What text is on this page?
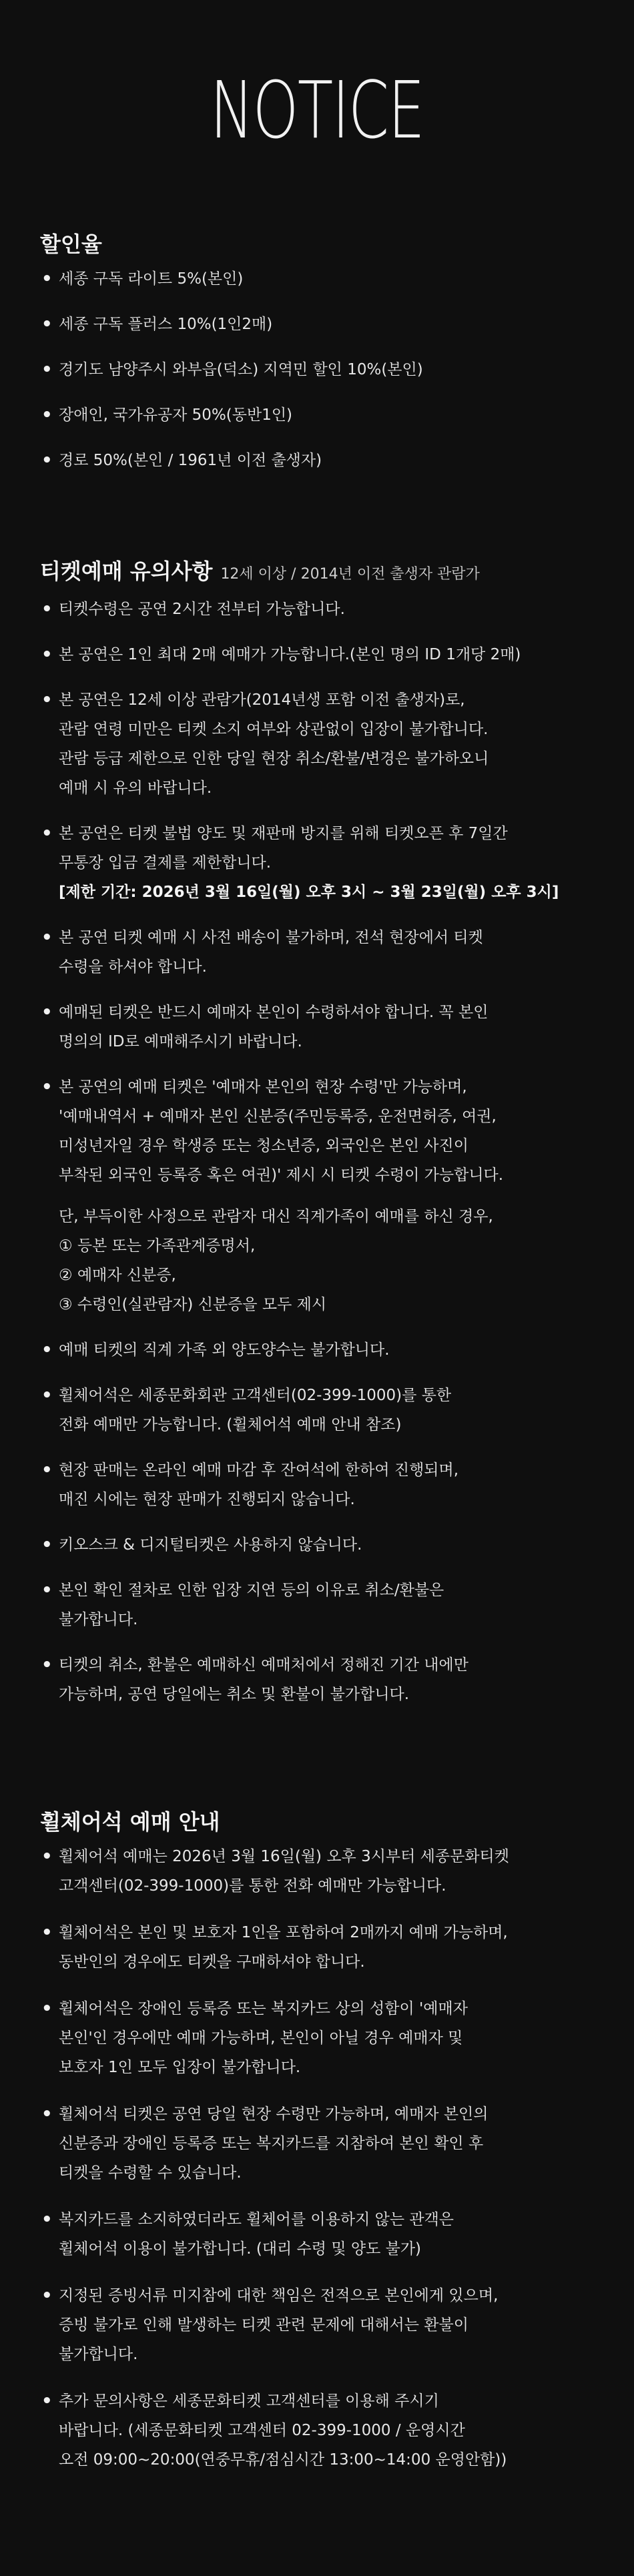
NOTICE
할인율
• 세종 구독 라이트 5%(본인)
• 세종 구독 플러스 10%(1인2매)
• 경기도 남양주시 와부읍(덕소) 지역민 할인 10%(본인)
• 장애인, 국가유공자 50%(동반1인)
• 경로 50%(본인 / 1961년 이전 출생자)
티켓예매 유의사항 12세 이상 / 2014년 이전 출생자 관람가
• 티켓수령은 공연 2시간 전부터 가능합니다.
• 본 공연은 1인 최대 2매 예매가 가능합니다.(본인 명의 ID 1개당 2매)
• 본 공연은 12세 이상 관람가(2014년생 포함 이전 출생자)로,
관람 연령 미만은 티켓 소지 여부와 상관없이 입장이 불가합니다.
관람 등급 제한으로 인한 당일 현장 취소/환불/변경은 불가하오니
예매 시 유의 바랍니다.
• 본 공연은 티켓 불법 양도 및 재판매 방지를 위해 티켓오픈 후 7일간
무통장 입금 결제를 제한합니다.
[제한 기간: 2026년 3월 16일(월) 오후 3시 ~ 3월 23일(월) 오후 3시]
• 본 공연 티켓 예매 시 사전 배송이 불가하며, 전석 현장에서 티켓
수령을 하셔야 합니다.
• 예매된 티켓은 반드시 예매자 본인이 수령하셔야 합니다. 꼭 본인
명의의 ID로 예매해주시기 바랍니다.
• 본 공연의 예매 티켓은 '예매자 본인의 현장 수령'만 가능하며,
'예매내역서 + 예매자 본인 신분증(주민등록증, 운전면허증, 여권,
미성년자일 경우 학생증 또는 청소년증, 외국인은 본인 사진이
부착된 외국인 등록증 혹은 여권)' 제시 시 티켓 수령이 가능합니다.
단, 부득이한 사정으로 관람자 대신 직계가족이 예매를 하신 경우,
① 등본 또는 가족관계증명서,
② 예매자 신분증,
③ 수령인(실관람자) 신분증을 모두 제시
• 예매 티켓의 직계 가족 외 양도양수는 불가합니다.
• 휠체어석은 세종문화회관 고객센터(02-399-1000)를 통한
전화 예매만 가능합니다. (휠체어석 예매 안내 참조)
• 현장 판매는 온라인 예매 마감 후 잔여석에 한하여 진행되며,
매진 시에는 현장 판매가 진행되지 않습니다.
• 키오스크 & 디지털티켓은 사용하지 않습니다.
• 본인 확인 절차로 인한 입장 지연 등의 이유로 취소/환불은
불가합니다.
• 티켓의 취소, 환불은 예매하신 예매처에서 정해진 기간 내에만
가능하며, 공연 당일에는 취소 및 환불이 불가합니다.
휠체어석 예매 안내
• 휠체어석 예매는 2026년 3월 16일(월) 오후 3시부터 세종문화티켓
고객센터(02-399-1000)를 통한 전화 예매만 가능합니다.
• 휠체어석은 본인 및 보호자 1인을 포함하여 2매까지 예매 가능하며,
동반인의 경우에도 티켓을 구매하셔야 합니다.
• 휠체어석은 장애인 등록증 또는 복지카드 상의 성함이 '예매자
본인'인 경우에만 예매 가능하며, 본인이 아닐 경우 예매자 및
보호자 1인 모두 입장이 불가합니다.
• 휠체어석 티켓은 공연 당일 현장 수령만 가능하며, 예매자 본인의
신분증과 장애인 등록증 또는 복지카드를 지참하여 본인 확인 후
티켓을 수령할 수 있습니다.
• 복지카드를 소지하였더라도 휠체어를 이용하지 않는 관객은
휠체어석 이용이 불가합니다. (대리 수령 및 양도 불가)
• 지정된 증빙서류 미지참에 대한 책임은 전적으로 본인에게 있으며,
증빙 불가로 인해 발생하는 티켓 관련 문제에 대해서는 환불이
불가합니다.
• 추가 문의사항은 세종문화티켓 고객센터를 이용해 주시기
바랍니다. (세종문화티켓 고객센터 02-399-1000 / 운영시간
오전 09:00~20:00(연중무휴/점심시간 13:00~14:00 운영안함))
